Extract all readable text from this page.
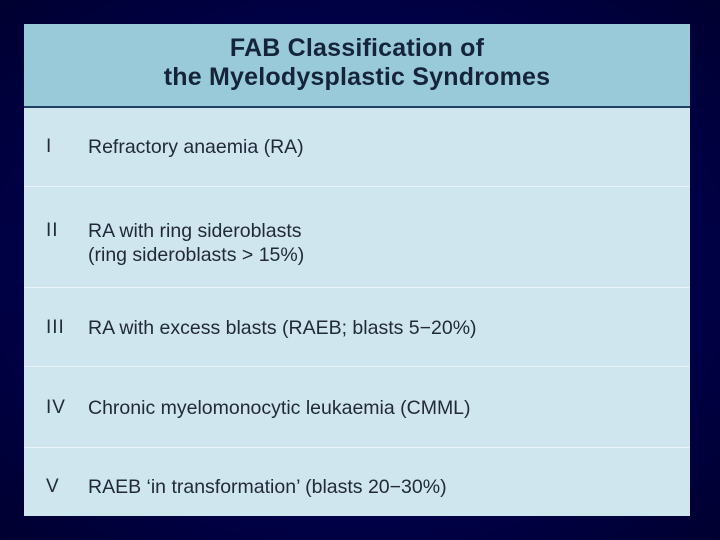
FAB Classification of
the Myelodysplastic Syndromes
I	Refractory anaemia (RA)
II	RA with ring sideroblasts
(ring sideroblasts > 15%)
III	RA with excess blasts (RAEB; blasts 5−20%)
IV	Chronic myelomonocytic leukaemia (CMML)
V	RAEB ‘in transformation’ (blasts 20−30%)
